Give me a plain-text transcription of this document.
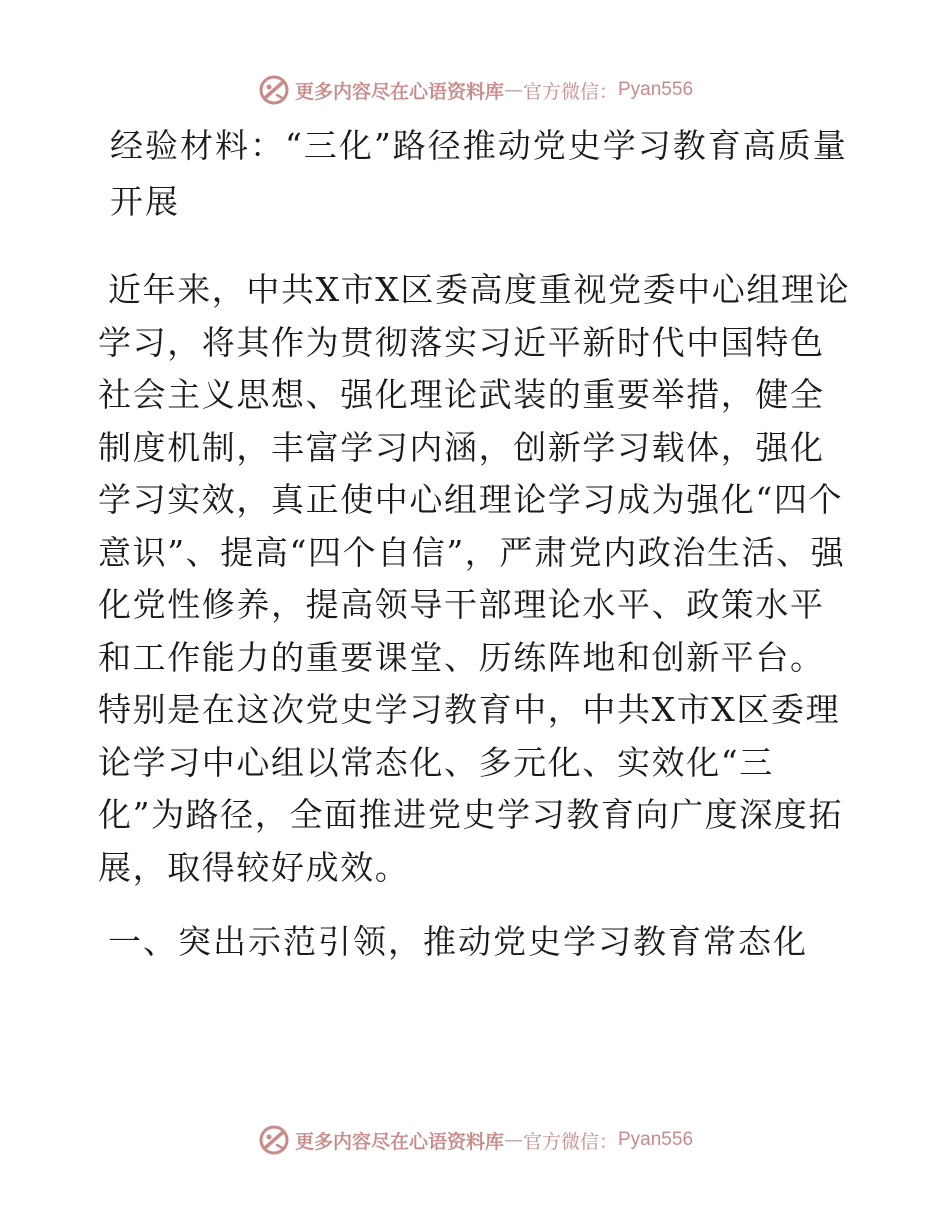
更多内容尽在心语资料库 — 官方微信： Pyan556
经验材料：“三化”路径推动党史学习教育高质量开展

近年来，中共X市X区委高度重视党委中心组理论学习，将其作为贯彻落实习近平新时代中国特色社会主义思想、强化理论武装的重要举措，健全制度机制，丰富学习内涵，创新学习载体，强化学习实效，真正使中心组理论学习成为强化“四个意识”、提高“四个自信”，严肃党内政治生活、强化党性修养，提高领导干部理论水平、政策水平和工作能力的重要课堂、历练阵地和创新平台。特别是在这次党史学习教育中，中共X市X区委理论学习中心组以常态化、多元化、实效化“三化”为路径，全面推进党史学习教育向广度深度拓展，取得较好成效。

一、突出示范引领，推动党史学习教育常态化
更多内容尽在心语资料库 — 官方微信： Pyan556
